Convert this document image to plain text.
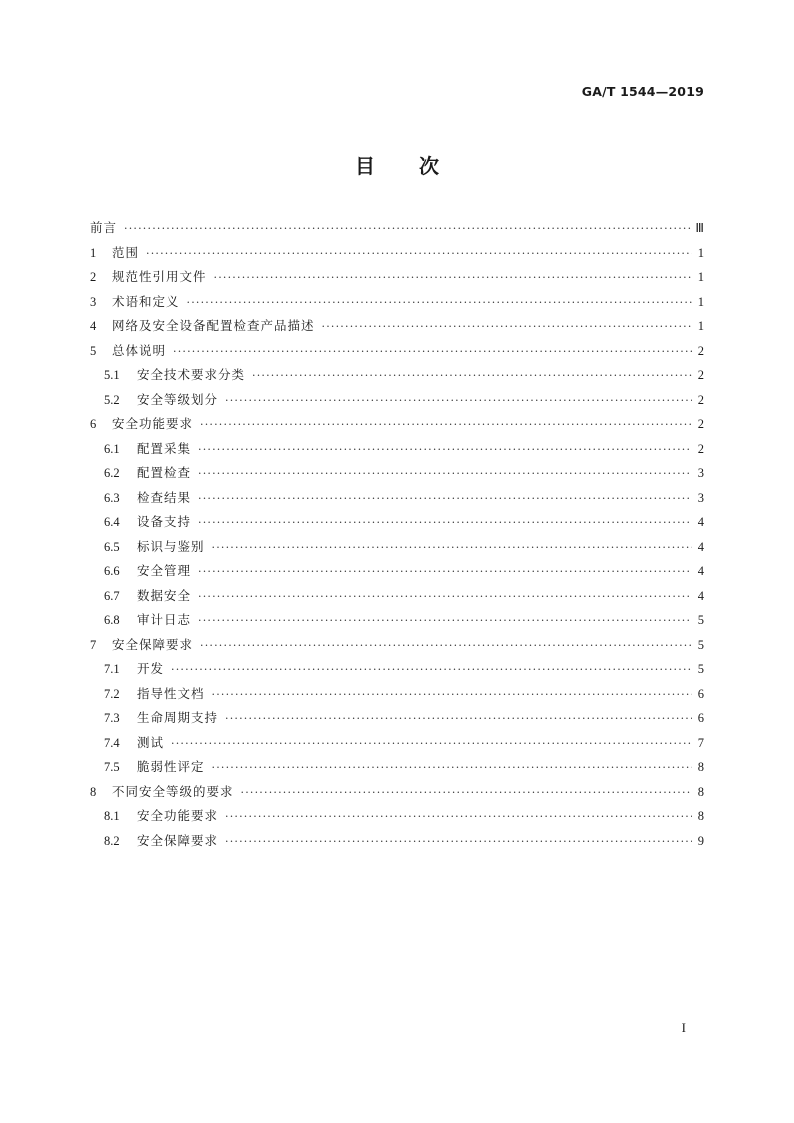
GA/T 1544—2019
目 次
前言 ·····	Ⅲ
1	范围 ·····	1
2	规范性引用文件 ·····	1
3	术语和定义 ·····	1
4	网络及安全设备配置检查产品描述 ·····	1
5	总体说明 ·····	2
5.1	安全技术要求分类 ·····	2
5.2	安全等级划分 ·····	2
6	安全功能要求 ·····	2
6.1	配置采集 ·····	2
6.2	配置检查 ·····	3
6.3	检查结果 ·····	3
6.4	设备支持 ·····	4
6.5	标识与鉴别 ·····	4
6.6	安全管理 ·····	4
6.7	数据安全 ·····	4
6.8	审计日志 ·····	5
7	安全保障要求 ·····	5
7.1	开发 ·····	5
7.2	指导性文档 ·····	6
7.3	生命周期支持 ·····	6
7.4	测试 ·····	7
7.5	脆弱性评定 ·····	8
8	不同安全等级的要求 ·····	8
8.1	安全功能要求 ·····	8
8.2	安全保障要求 ·····	9
I
